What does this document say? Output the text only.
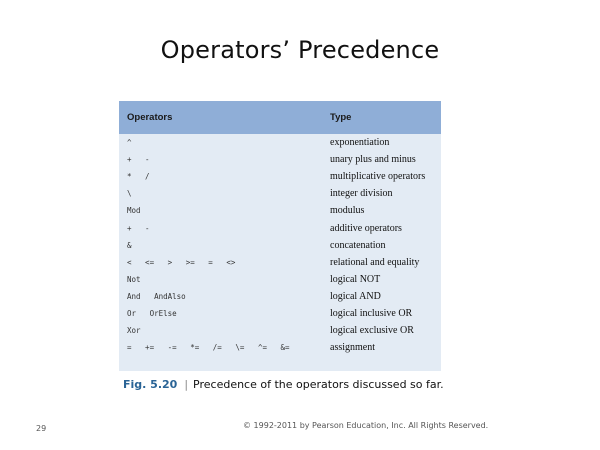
Operators’ Precedence
Operators	Type
^	exponentiation
+   -	unary plus and minus
*   /	multiplicative operators
\	integer division
Mod	modulus
+   -	additive operators
&	concatenation
<   <=   >   >=   =   <>	relational and equality
Not	logical NOT
And   AndAlso	logical AND
Or   OrElse	logical inclusive OR
Xor	logical exclusive OR
=   +=   -=   *=   /=   \=   ^=   &=	assignment
Fig. 5.20 | Precedence of the operators discussed so far.
29	© 1992-2011 by Pearson Education, Inc. All Rights Reserved.
